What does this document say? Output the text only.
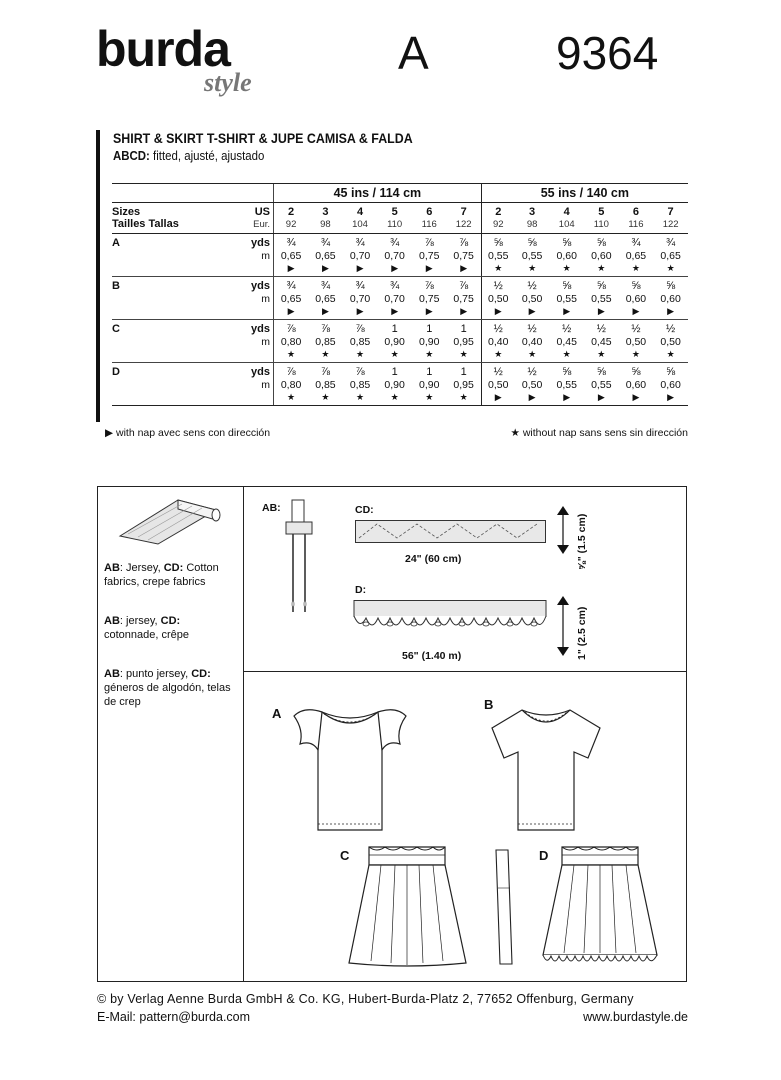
burda
style
A	9364
SHIRT & SKIRT T-SHIRT & JUPE CAMISA & FALDA
ABCD: fitted, ajusté, ajustado
		45 ins / 114 cm						55 ins / 140 cm					
Sizes	US	2	3	4	5	6	7	2	3	4	5	6	7
Tailles Tallas	Eur.	92	98	104	110	116	122	92	98	104	110	116	122
A	yds	¾	¾	¾	¾	⅞	⅞	⅝	⅝	⅝	⅝	¾	¾
	m	0,65	0,65	0,70	0,70	0,75	0,75	0,55	0,55	0,60	0,60	0,65	0,65
		▶	▶	▶	▶	▶	▶	★	★	★	★	★	★
B	yds	¾	¾	¾	¾	⅞	⅞	½	½	⅝	⅝	⅝	⅝
	m	0,65	0,65	0,70	0,70	0,75	0,75	0,50	0,50	0,55	0,55	0,60	0,60
		▶	▶	▶	▶	▶	▶	▶	▶	▶	▶	▶	▶
C	yds	⅞	⅞	⅞	1	1	1	½	½	½	½	½	½
	m	0,80	0,85	0,85	0,90	0,90	0,95	0,40	0,40	0,45	0,45	0,50	0,50
		★	★	★	★	★	★	★	★	★	★	★	★
D	yds	⅞	⅞	⅞	1	1	1	½	½	⅝	⅝	⅝	⅝
	m	0,80	0,85	0,85	0,90	0,90	0,95	0,50	0,50	0,55	0,55	0,60	0,60
		★	★	★	★	★	★	▶	▶	▶	▶	▶	▶
▶ with nap avec sens con dirección	★ without nap sans sens sin dirección
AB: Jersey, CD: Cotton fabrics, crepe fabrics
AB: jersey, CD: cotonnade, crêpe
AB: punto jersey, CD: géneros de algodón, telas de crep
AB:	CD:
⅝" (1.5 cm)
24" (60 cm)
D:
1" (2.5 cm)
56" (1.40 m)
A
B
C	D
© by Verlag Aenne Burda GmbH & Co. KG, Hubert-Burda-Platz 2, 77652 Offenburg, Germany
E-Mail: pattern@burda.com	www.burdastyle.de
